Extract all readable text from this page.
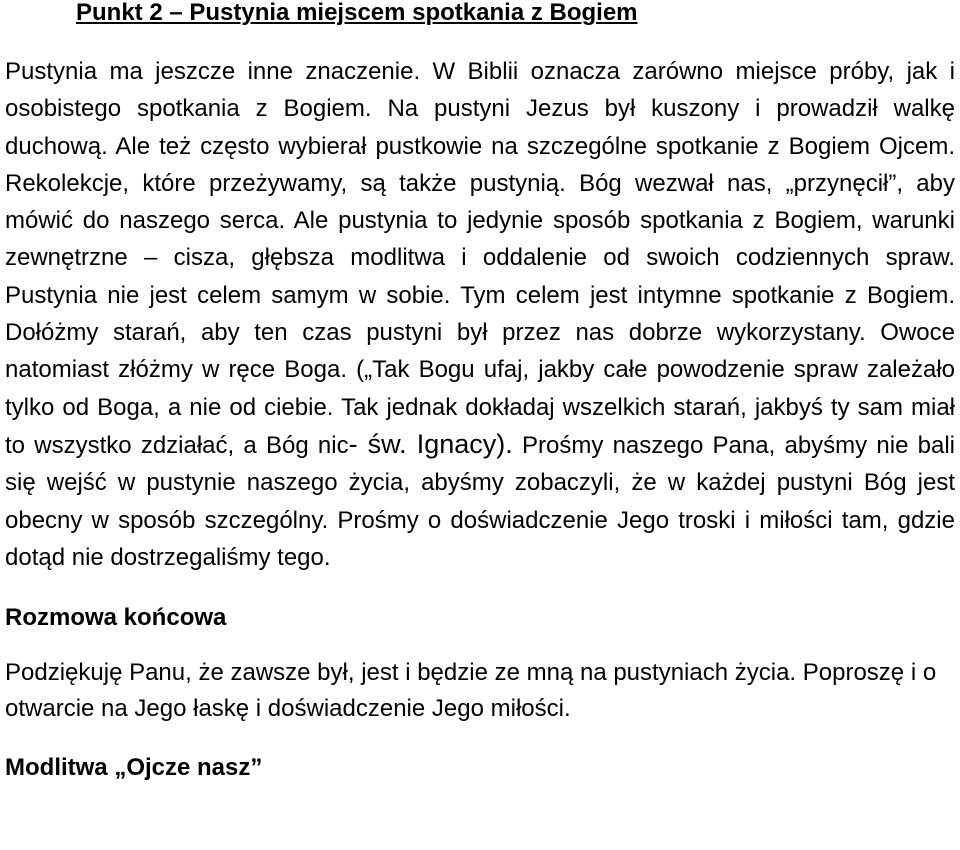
Punkt 2 – Pustynia miejscem spotkania z Bogiem

Pustynia ma jeszcze inne znaczenie. W Biblii oznacza zarówno miejsce próby, jak i osobistego spotkania z Bogiem. Na pustyni Jezus był kuszony i prowadził walkę duchową. Ale też często wybierał pustkowie na szczególne spotkanie z Bogiem Ojcem. Rekolekcje, które przeżywamy, są także pustynią. Bóg wezwał nas, „przynęcił”, aby mówić do naszego serca. Ale pustynia to jedynie sposób spotkania z Bogiem, warunki zewnętrzne – cisza, głębsza modlitwa i oddalenie od swoich codziennych spraw. Pustynia nie jest celem samym w sobie. Tym celem jest intymne spotkanie z Bogiem. Dołóżmy starań, aby ten czas pustyni był przez nas dobrze wykorzystany. Owoce natomiast złóżmy w ręce Boga. („Tak Bogu ufaj, jakby całe powodzenie spraw zależało tylko od Boga, a nie od ciebie. Tak jednak dokładaj wszelkich starań, jakbyś ty sam miał to wszystko zdziałać, a Bóg nic- św. Ignacy). Prośmy naszego Pana, abyśmy nie bali się wejść w pustynie naszego życia, abyśmy zobaczyli, że w każdej pustyni Bóg jest obecny w sposób szczególny. Prośmy o doświadczenie Jego troski i miłości tam, gdzie dotąd nie dostrzegaliśmy tego.

Rozmowa końcowa

Podziękuję Panu, że zawsze był, jest i będzie ze mną na pustyniach życia. Poproszę i o otwarcie na Jego łaskę i doświadczenie Jego miłości.

Modlitwa „Ojcze nasz”
